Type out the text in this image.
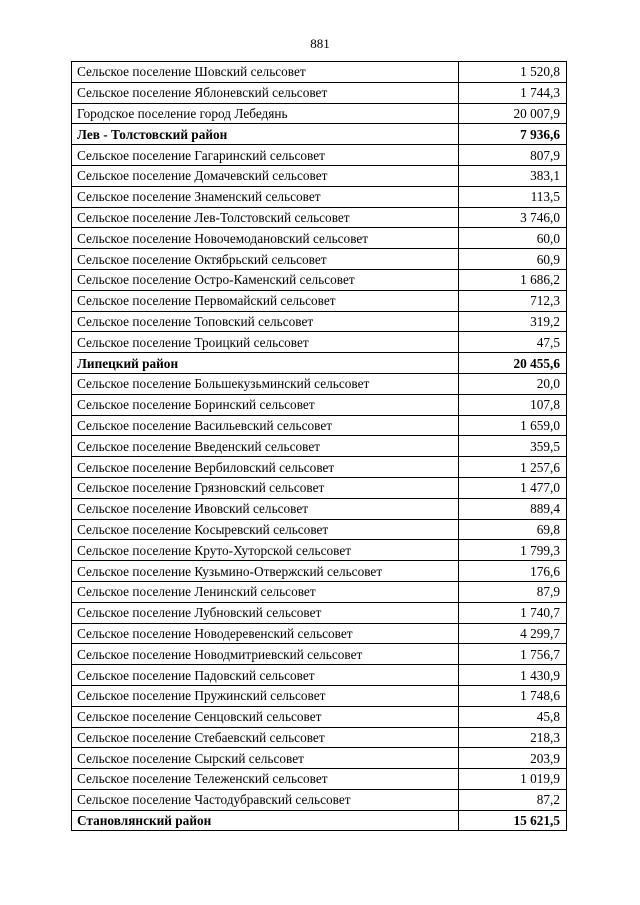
881
Сельское поселение Шовский сельсовет	1 520,8
Сельское поселение Яблоневский сельсовет	1 744,3
Городское поселение город Лебедянь	20 007,9
Лев - Толстовский район	7 936,6
Сельское поселение Гагаринский сельсовет	807,9
Сельское поселение Домачевский сельсовет	383,1
Сельское поселение Знаменский сельсовет	113,5
Сельское поселение Лев-Толстовский сельсовет	3 746,0
Сельское поселение Новочемодановский сельсовет	60,0
Сельское поселение Октябрьский сельсовет	60,9
Сельское поселение Остро-Каменский сельсовет	1 686,2
Сельское поселение Первомайский сельсовет	712,3
Сельское поселение Топовский сельсовет	319,2
Сельское поселение Троицкий сельсовет	47,5
Липецкий район	20 455,6
Сельское поселение Большекузьминский сельсовет	20,0
Сельское поселение Боринский сельсовет	107,8
Сельское поселение Васильевский сельсовет	1 659,0
Сельское поселение Введенский сельсовет	359,5
Сельское поселение Вербиловский сельсовет	1 257,6
Сельское поселение Грязновский сельсовет	1 477,0
Сельское поселение Ивовский сельсовет	889,4
Сельское поселение Косыревский сельсовет	69,8
Сельское поселение Круто-Хуторской сельсовет	1 799,3
Сельское поселение Кузьмино-Отвержский сельсовет	176,6
Сельское поселение Ленинский сельсовет	87,9
Сельское поселение Лубновский сельсовет	1 740,7
Сельское поселение Новодеревенский сельсовет	4 299,7
Сельское поселение Новодмитриевский сельсовет	1 756,7
Сельское поселение Падовский сельсовет	1 430,9
Сельское поселение Пружинский сельсовет	1 748,6
Сельское поселение Сенцовский сельсовет	45,8
Сельское поселение Стебаевский сельсовет	218,3
Сельское поселение Сырский сельсовет	203,9
Сельское поселение Тележенский сельсовет	1 019,9
Сельское поселение Частодубравский сельсовет	87,2
Становлянский район	15 621,5
